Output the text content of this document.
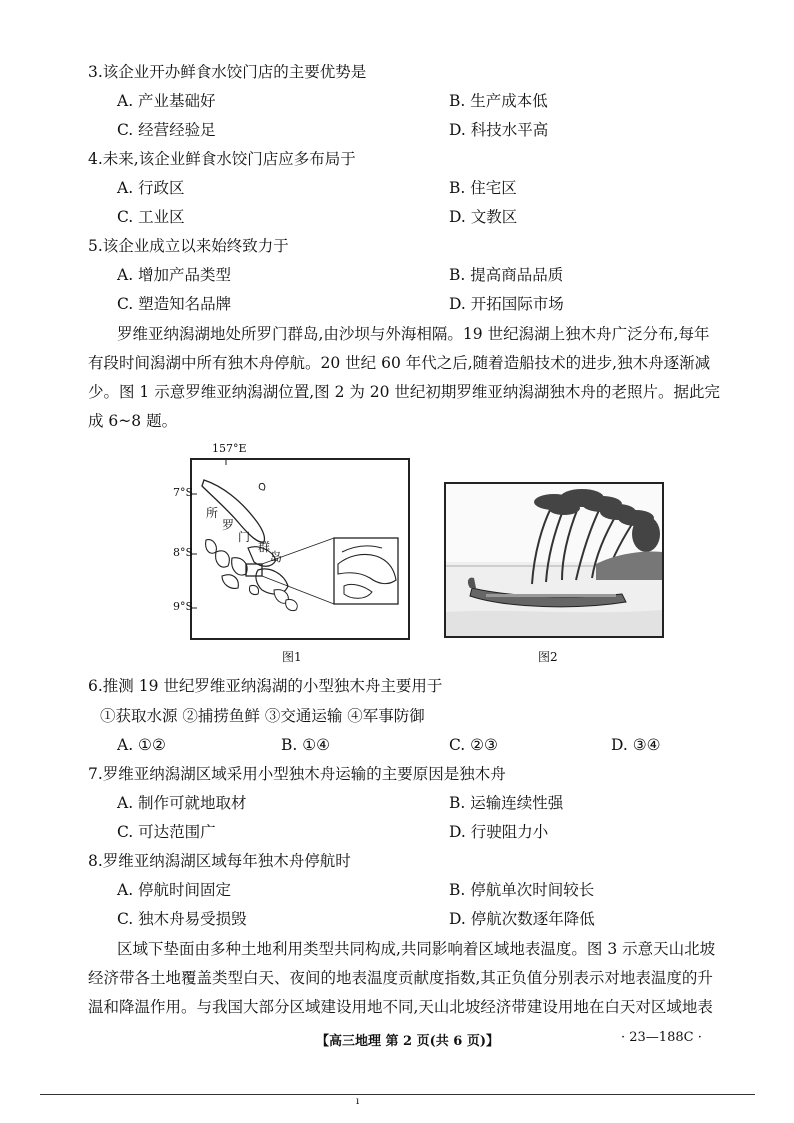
3.该企业开办鲜食水饺门店的主要优势是
A. 产业基础好	B. 生产成本低
C. 经营经验足	D. 科技水平高
4.未来,该企业鲜食水饺门店应多布局于
A. 行政区	B. 住宅区
C. 工业区	D. 文教区
5.该企业成立以来始终致力于
A. 增加产品类型	B. 提高商品品质
C. 塑造知名品牌	D. 开拓国际市场
罗维亚纳潟湖地处所罗门群岛,由沙坝与外海相隔。19 世纪潟湖上独木舟广泛分布,每年
有段时间潟湖中所有独木舟停航。20 世纪 60 年代之后,随着造船技术的进步,独木舟逐渐减
少。图 1 示意罗维亚纳潟湖位置,图 2 为 20 世纪初期罗维亚纳潟湖独木舟的老照片。据此完
成 6~8 题。
157°E
7°S
8°S
9°S
所
罗
门
群
岛
图1	图2
6.推测 19 世纪罗维亚纳潟湖的小型独木舟主要用于
①获取水源 ②捕捞鱼鲜 ③交通运输 ④军事防御
A. ①②	B. ①④	C. ②③	D. ③④
7.罗维亚纳潟湖区域采用小型独木舟运输的主要原因是独木舟
A. 制作可就地取材	B. 运输连续性强
C. 可达范围广	D. 行驶阻力小
8.罗维亚纳潟湖区域每年独木舟停航时
A. 停航时间固定	B. 停航单次时间较长
C. 独木舟易受损毁	D. 停航次数逐年降低
区域下垫面由多种土地利用类型共同构成,共同影响着区域地表温度。图 3 示意天山北坡
经济带各土地覆盖类型白天、夜间的地表温度贡献度指数,其正负值分别表示对地表温度的升
温和降温作用。与我国大部分区域建设用地不同,天山北坡经济带建设用地在白天对区域地表
【高三地理 第 2 页(共 6 页)】	· 23—188C ·
ı
